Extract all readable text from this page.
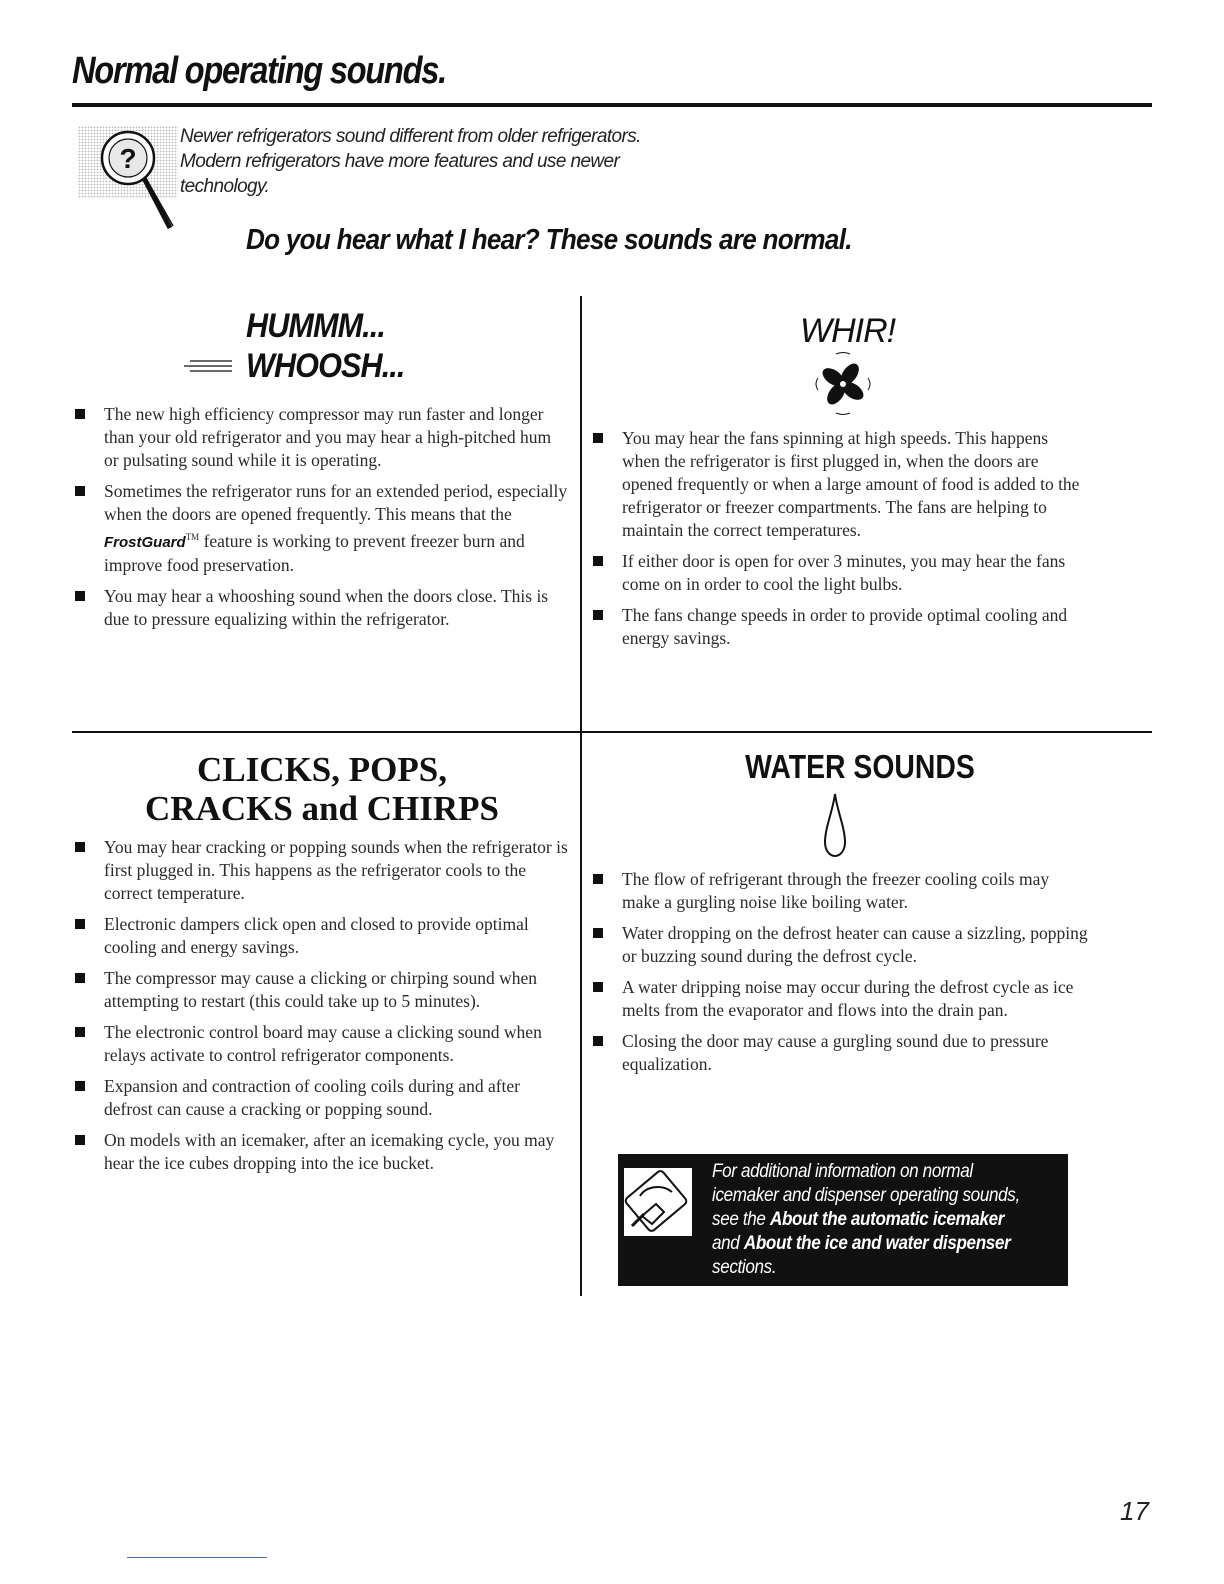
Normal operating sounds.
?

Newer refrigerators sound different from older refrigerators.

Modern refrigerators have more features and use newer

technology.

Do you hear what I hear? These sounds are normal.
HUMMM...
WHOOSH...
The new high efficiency compressor may run faster and longer than your old refrigerator and you may hear a high-pitched hum or pulsating sound while it is operating.
Sometimes the refrigerator runs for an extended period, especially when the doors are opened frequently. This means that the FrostGuard™ feature is working to prevent freezer burn and improve food preservation.
You may hear a whooshing sound when the doors close. This is due to pressure equalizing within the refrigerator.
WHIR!
You may hear the fans spinning at high speeds. This happens when the refrigerator is first plugged in, when the doors are opened frequently or when a large amount of food is added to the refrigerator or freezer compartments. The fans are helping to maintain the correct temperatures.
If either door is open for over 3 minutes, you may hear the fans come on in order to cool the light bulbs.
The fans change speeds in order to provide optimal cooling and energy savings.
CLICKS, POPS,
CRACKS and CHIRPS
You may hear cracking or popping sounds when the refrigerator is first plugged in. This happens as the refrigerator cools to the correct temperature.
Electronic dampers click open and closed to provide optimal cooling and energy savings.
The compressor may cause a clicking or chirping sound when attempting to restart (this could take up to 5 minutes).
The electronic control board may cause a clicking sound when relays activate to control refrigerator components.
Expansion and contraction of cooling coils during and after defrost can cause a cracking or popping sound.
On models with an icemaker, after an icemaking cycle, you may hear the ice cubes dropping into the ice bucket.
WATER SOUNDS
The flow of refrigerant through the freezer cooling coils may make a gurgling noise like boiling water.
Water dropping on the defrost heater can cause a sizzling, popping or buzzing sound during the defrost cycle.
A water dripping noise may occur during the defrost cycle as ice melts from the evaporator and flows into the drain pan.
Closing the door may cause a gurgling sound due to pressure equalization.
For additional information on normal
icemaker and dispenser operating sounds,
see the About the automatic icemaker
and About the ice and water dispenser
sections.
17
